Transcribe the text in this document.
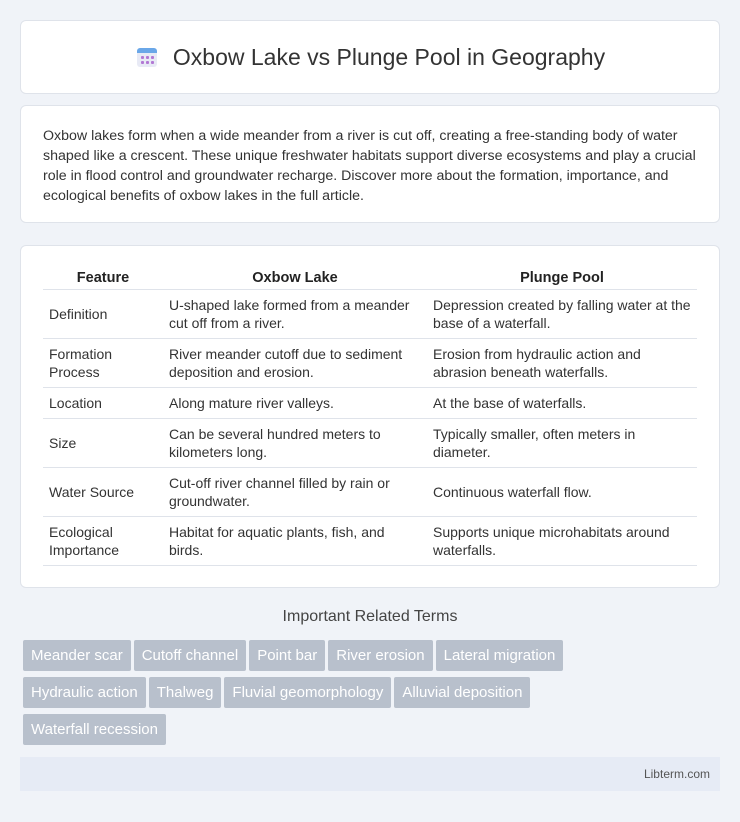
Oxbow Lake vs Plunge Pool in Geography

Oxbow lakes form when a wide meander from a river is cut off, creating a free-standing body of water shaped like a crescent. These unique freshwater habitats support diverse ecosystems and play a crucial role in flood control and groundwater recharge. Discover more about the formation, importance, and ecological benefits of oxbow lakes in the full article.

Feature	Oxbow Lake	Plunge Pool
Definition	U-shaped lake formed from a meander cut off from a river.	Depression created by falling water at the base of a waterfall.
Formation Process	River meander cutoff due to sediment deposition and erosion.	Erosion from hydraulic action and abrasion beneath waterfalls.
Location	Along mature river valleys.	At the base of waterfalls.
Size	Can be several hundred meters to kilometers long.	Typically smaller, often meters in diameter.
Water Source	Cut-off river channel filled by rain or groundwater.	Continuous waterfall flow.
Ecological Importance	Habitat for aquatic plants, fish, and birds.	Supports unique microhabitats around waterfalls.
Important Related Terms
Meander scar Cutoff channel Point bar River erosion Lateral migration
Hydraulic action Thalweg Fluvial geomorphology Alluvial deposition
Waterfall recession
Libterm.com
